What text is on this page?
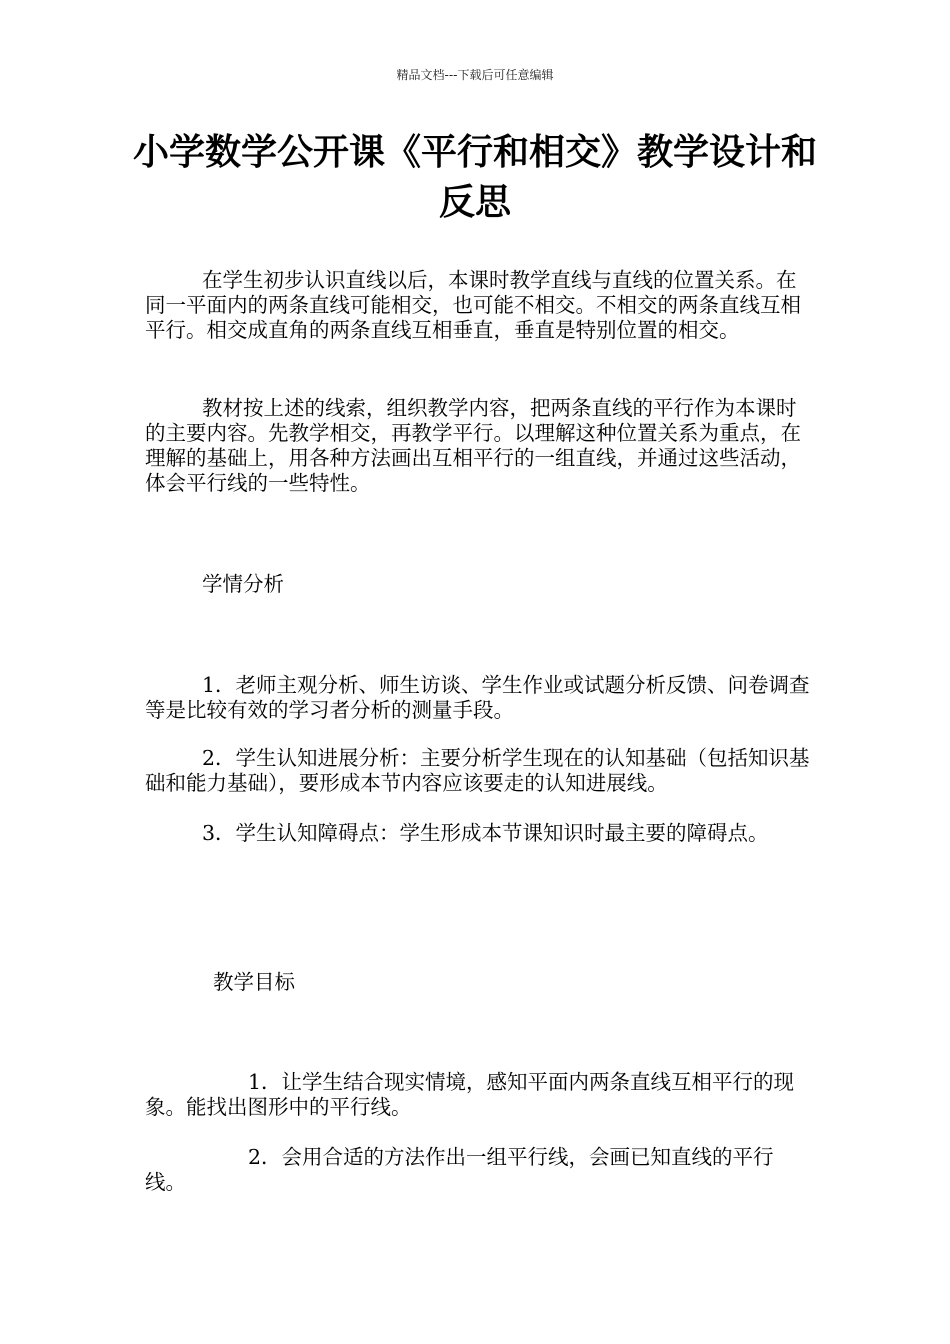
精品文档---下载后可任意编辑
小学数学公开课《平行和相交》教学设计和反思

在学生初步认识直线以后，本课时教学直线与直线的位置关系。在同一平面内的两条直线可能相交，也可能不相交。不相交的两条直线互相平行。相交成直角的两条直线互相垂直，垂直是特别位置的相交。

教材按上述的线索，组织教学内容，把两条直线的平行作为本课时的主要内容。先教学相交，再教学平行。以理解这种位置关系为重点，在理解的基础上，用各种方法画出互相平行的一组直线，并通过这些活动，体会平行线的一些特性。

学情分析

1．老师主观分析、师生访谈、学生作业或试题分析反馈、问卷调查等是比较有效的学习者分析的测量手段。

2．学生认知进展分析：主要分析学生现在的认知基础（包括知识基础和能力基础），要形成本节内容应该要走的认知进展线。

3．学生认知障碍点：学生形成本节课知识时最主要的障碍点。

教学目标

1．让学生结合现实情境，感知平面内两条直线互相平行的现象。能找出图形中的平行线。

2．会用合适的方法作出一组平行线，会画已知直线的平行线。
